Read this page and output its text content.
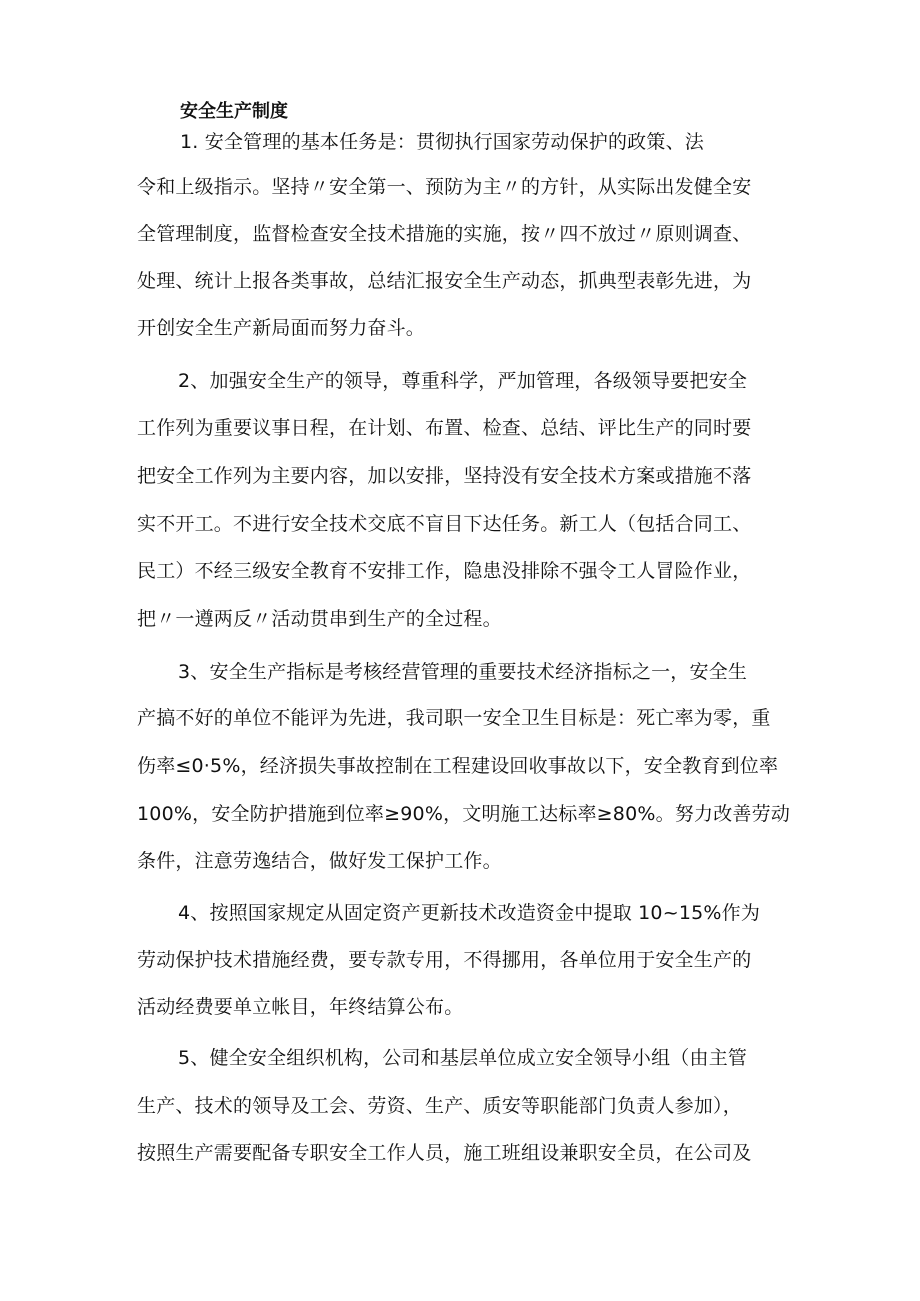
安全生产制度
1. 安全管理的基本任务是：贯彻执行国家劳动保护的政策、法
令和上级指示。坚持〃安全第一、预防为主〃的方针，从实际出发健全安
全管理制度，监督检查安全技术措施的实施，按〃四不放过〃原则调查、
处理、统计上报各类事故，总结汇报安全生产动态，抓典型表彰先进，为
开创安全生产新局面而努力奋斗。
2、加强安全生产的领导，尊重科学，严加管理，各级领导要把安全
工作列为重要议事日程，在计划、布置、检查、总结、评比生产的同时要
把安全工作列为主要内容，加以安排，坚持没有安全技术方案或措施不落
实不开工。不进行安全技术交底不盲目下达任务。新工人（包括合同工、
民工）不经三级安全教育不安排工作，隐患没排除不强令工人冒险作业，
把〃一遵两反〃活动贯串到生产的全过程。
3、安全生产指标是考核经营管理的重要技术经济指标之一，安全生
产搞不好的单位不能评为先进，我司职一安全卫生目标是：死亡率为零，重
伤率≤0·5%，经济损失事故控制在工程建设回收事故以下，安全教育到位率
100%，安全防护措施到位率≥90%，文明施工达标率≥80%。努力改善劳动
条件，注意劳逸结合，做好发工保护工作。
4、按照国家规定从固定资产更新技术改造资金中提取 10~15%作为
劳动保护技术措施经费，要专款专用，不得挪用，各单位用于安全生产的
活动经费要单立帐目，年终结算公布。
5、健全安全组织机构，公司和基层单位成立安全领导小组（由主管
生产、技术的领导及工会、劳资、生产、质安等职能部门负责人参加），
按照生产需要配备专职安全工作人员，施工班组设兼职安全员，在公司及
